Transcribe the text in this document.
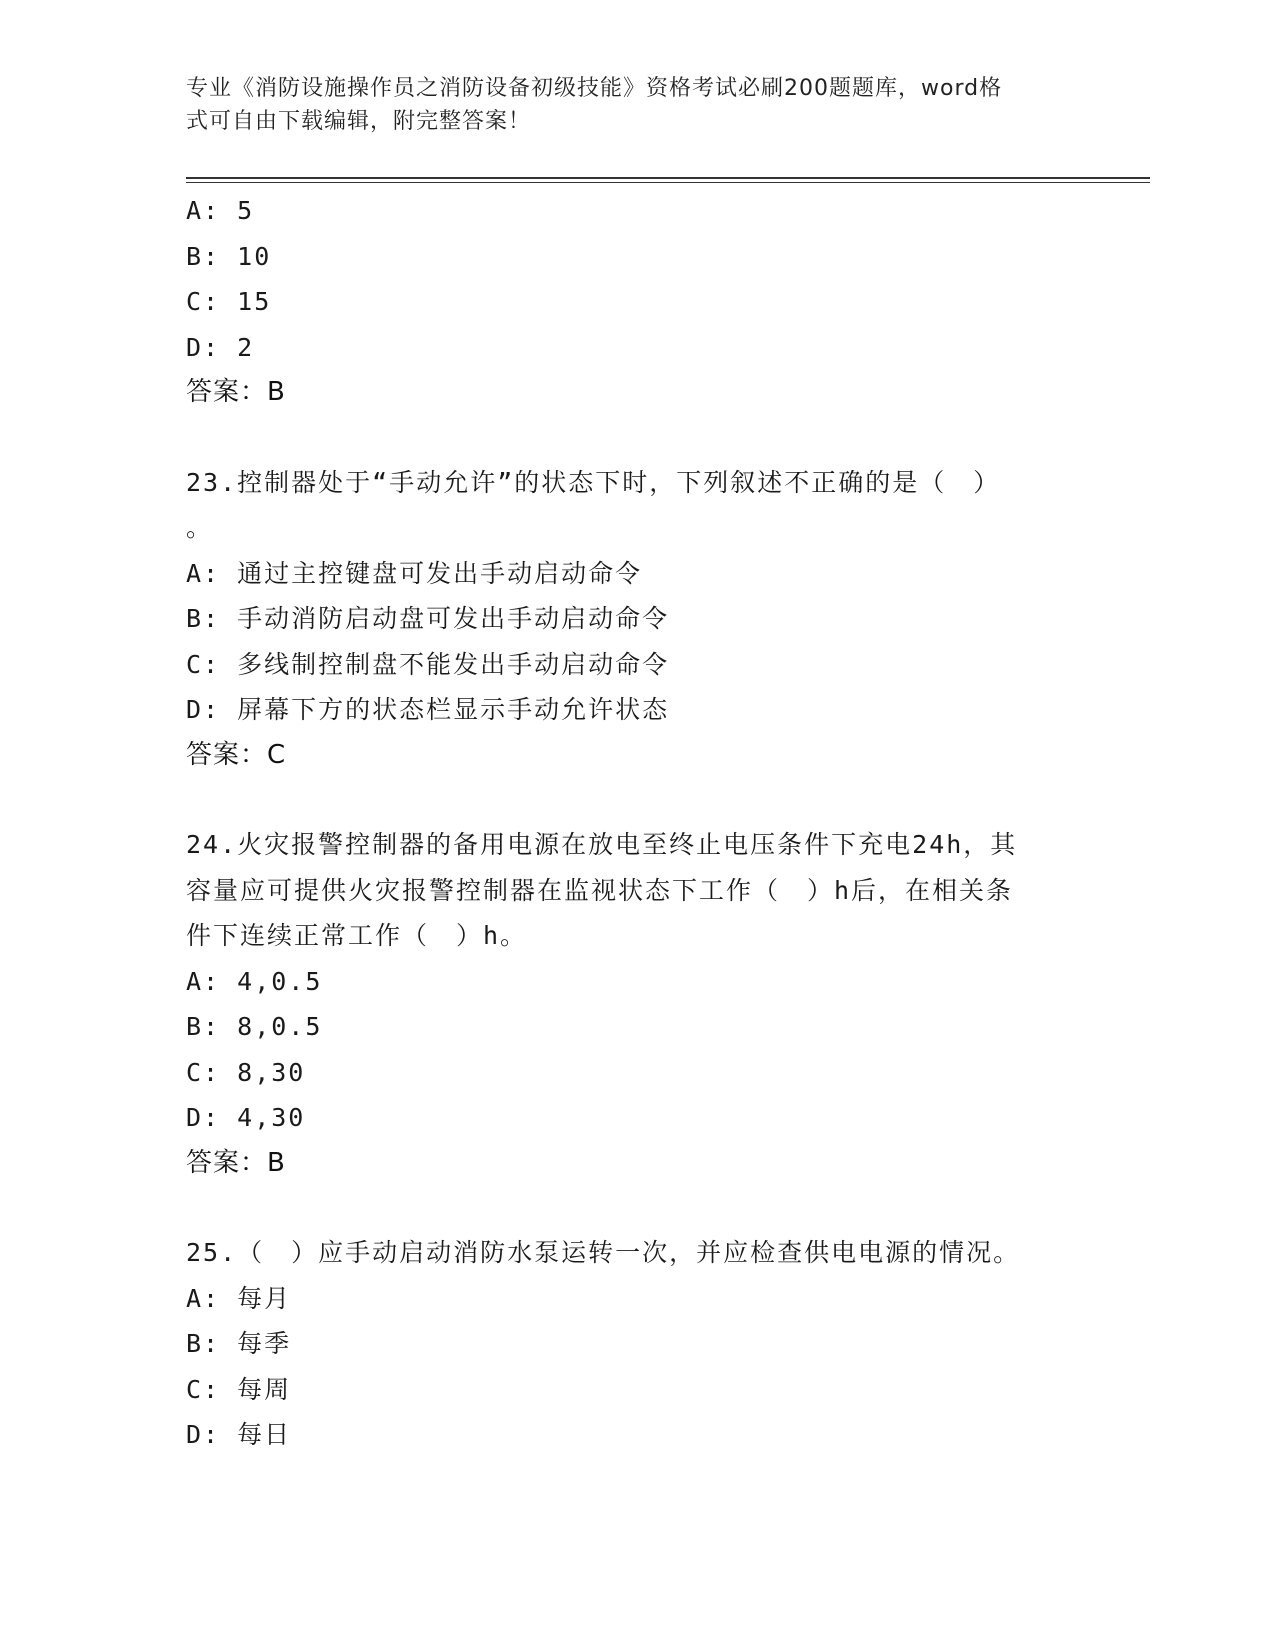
专业《消防设施操作员之消防设备初级技能》资格考试必刷200题题库，word格
式可自由下载编辑，附完整答案！
A: 5
B: 10
C: 15
D: 2
答案：B
23.控制器处于“手动允许”的状态下时，下列叙述不正确的是（　）
。
A: 通过主控键盘可发出手动启动命令
B: 手动消防启动盘可发出手动启动命令
C: 多线制控制盘不能发出手动启动命令
D: 屏幕下方的状态栏显示手动允许状态
答案：C
24.火灾报警控制器的备用电源在放电至终止电压条件下充电24h，其
容量应可提供火灾报警控制器在监视状态下工作（　）h后，在相关条
件下连续正常工作（　）h。
A: 4,0.5
B: 8,0.5
C: 8,30
D: 4,30
答案：B
25.（　）应手动启动消防水泵运转一次，并应检查供电电源的情况。
A: 每月
B: 每季
C: 每周
D: 每日
